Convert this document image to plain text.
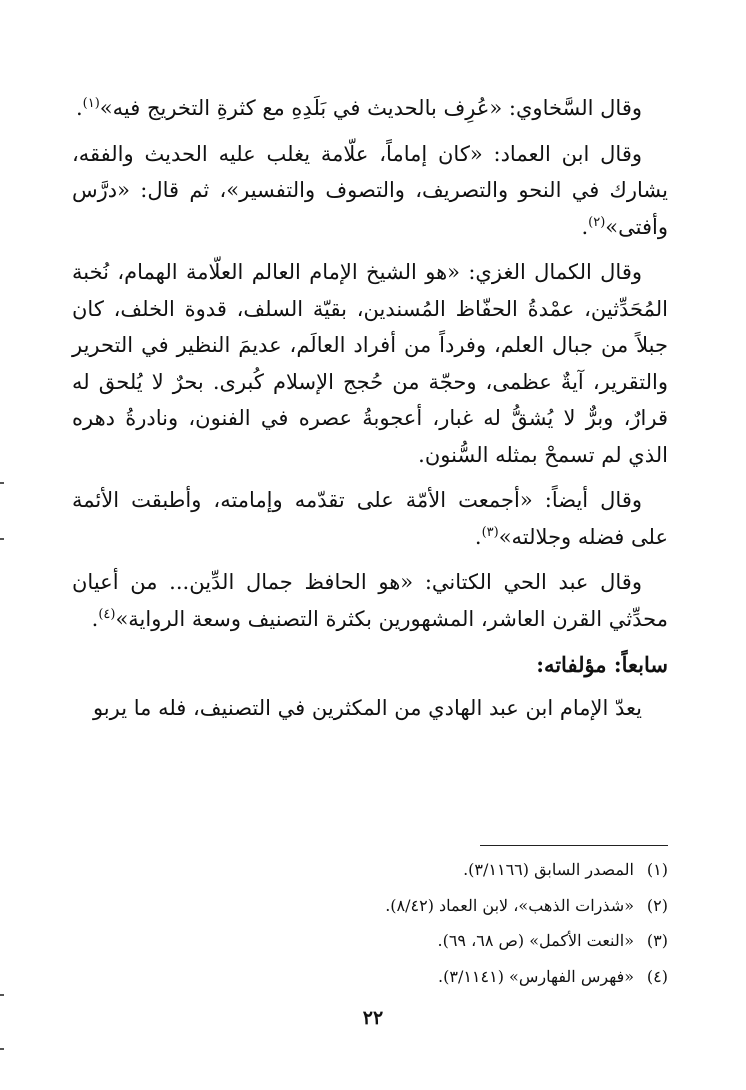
وقال السَّخاوي: «عُرِف بالحديث في بَلَدِهِ مع كثرةِ التخريج فيه»$^{(١)}$.

وقال ابن العماد: «كان إماماً، علّامة يغلب عليه الحديث والفقه، يشارك في النحو والتصريف، والتصوف والتفسير»، ثم قال: «درَّس وأفتى»$^{(٢)}$.

وقال الكمال الغزي: «هو الشيخ الإمام العالم العلّامة الهمام، نُخبة المُحَدِّثين، عمْدةُ الحفّاظ المُسندين، بقيّة السلف، قدوة الخلف، كان جبلاً من جبال العلم، وفرداً من أفراد العالَم، عديمَ النظير في التحرير والتقرير، آيةٌ عظمى، وحجّة من حُجج الإسلام كُبرى. بحرٌ لا يُلحق له قرارٌ، وبرٌّ لا يُشقُّ له غبار، أعجوبةُ عصره في الفنون، ونادرةُ دهره الذي لم تسمحْ بمثله السُّنون.

وقال أيضاً: «أجمعت الأمّة على تقدّمه وإمامته، وأطبقت الأئمة على فضله وجلالته»$^{(٣)}$.

وقال عبد الحي الكتاني: «هو الحافظ جمال الدِّين... من أعيان محدِّثي القرن العاشر، المشهورين بكثرة التصنيف وسعة الرواية»$^{(٤)}$.

سابعاً: مؤلفاته:

يعدّ الإمام ابن عبد الهادي من المكثرين في التصنيف، فله ما يربو

(١)المصدر السابق (٣/١١٦٦).

(٢)«شذرات الذهب»، لابن العماد (٨/٤٢).

(٣)«النعت الأكمل» (ص ٦٨، ٦٩).

(٤)«فهرس الفهارس» (٣/١١٤١).

٢٢
